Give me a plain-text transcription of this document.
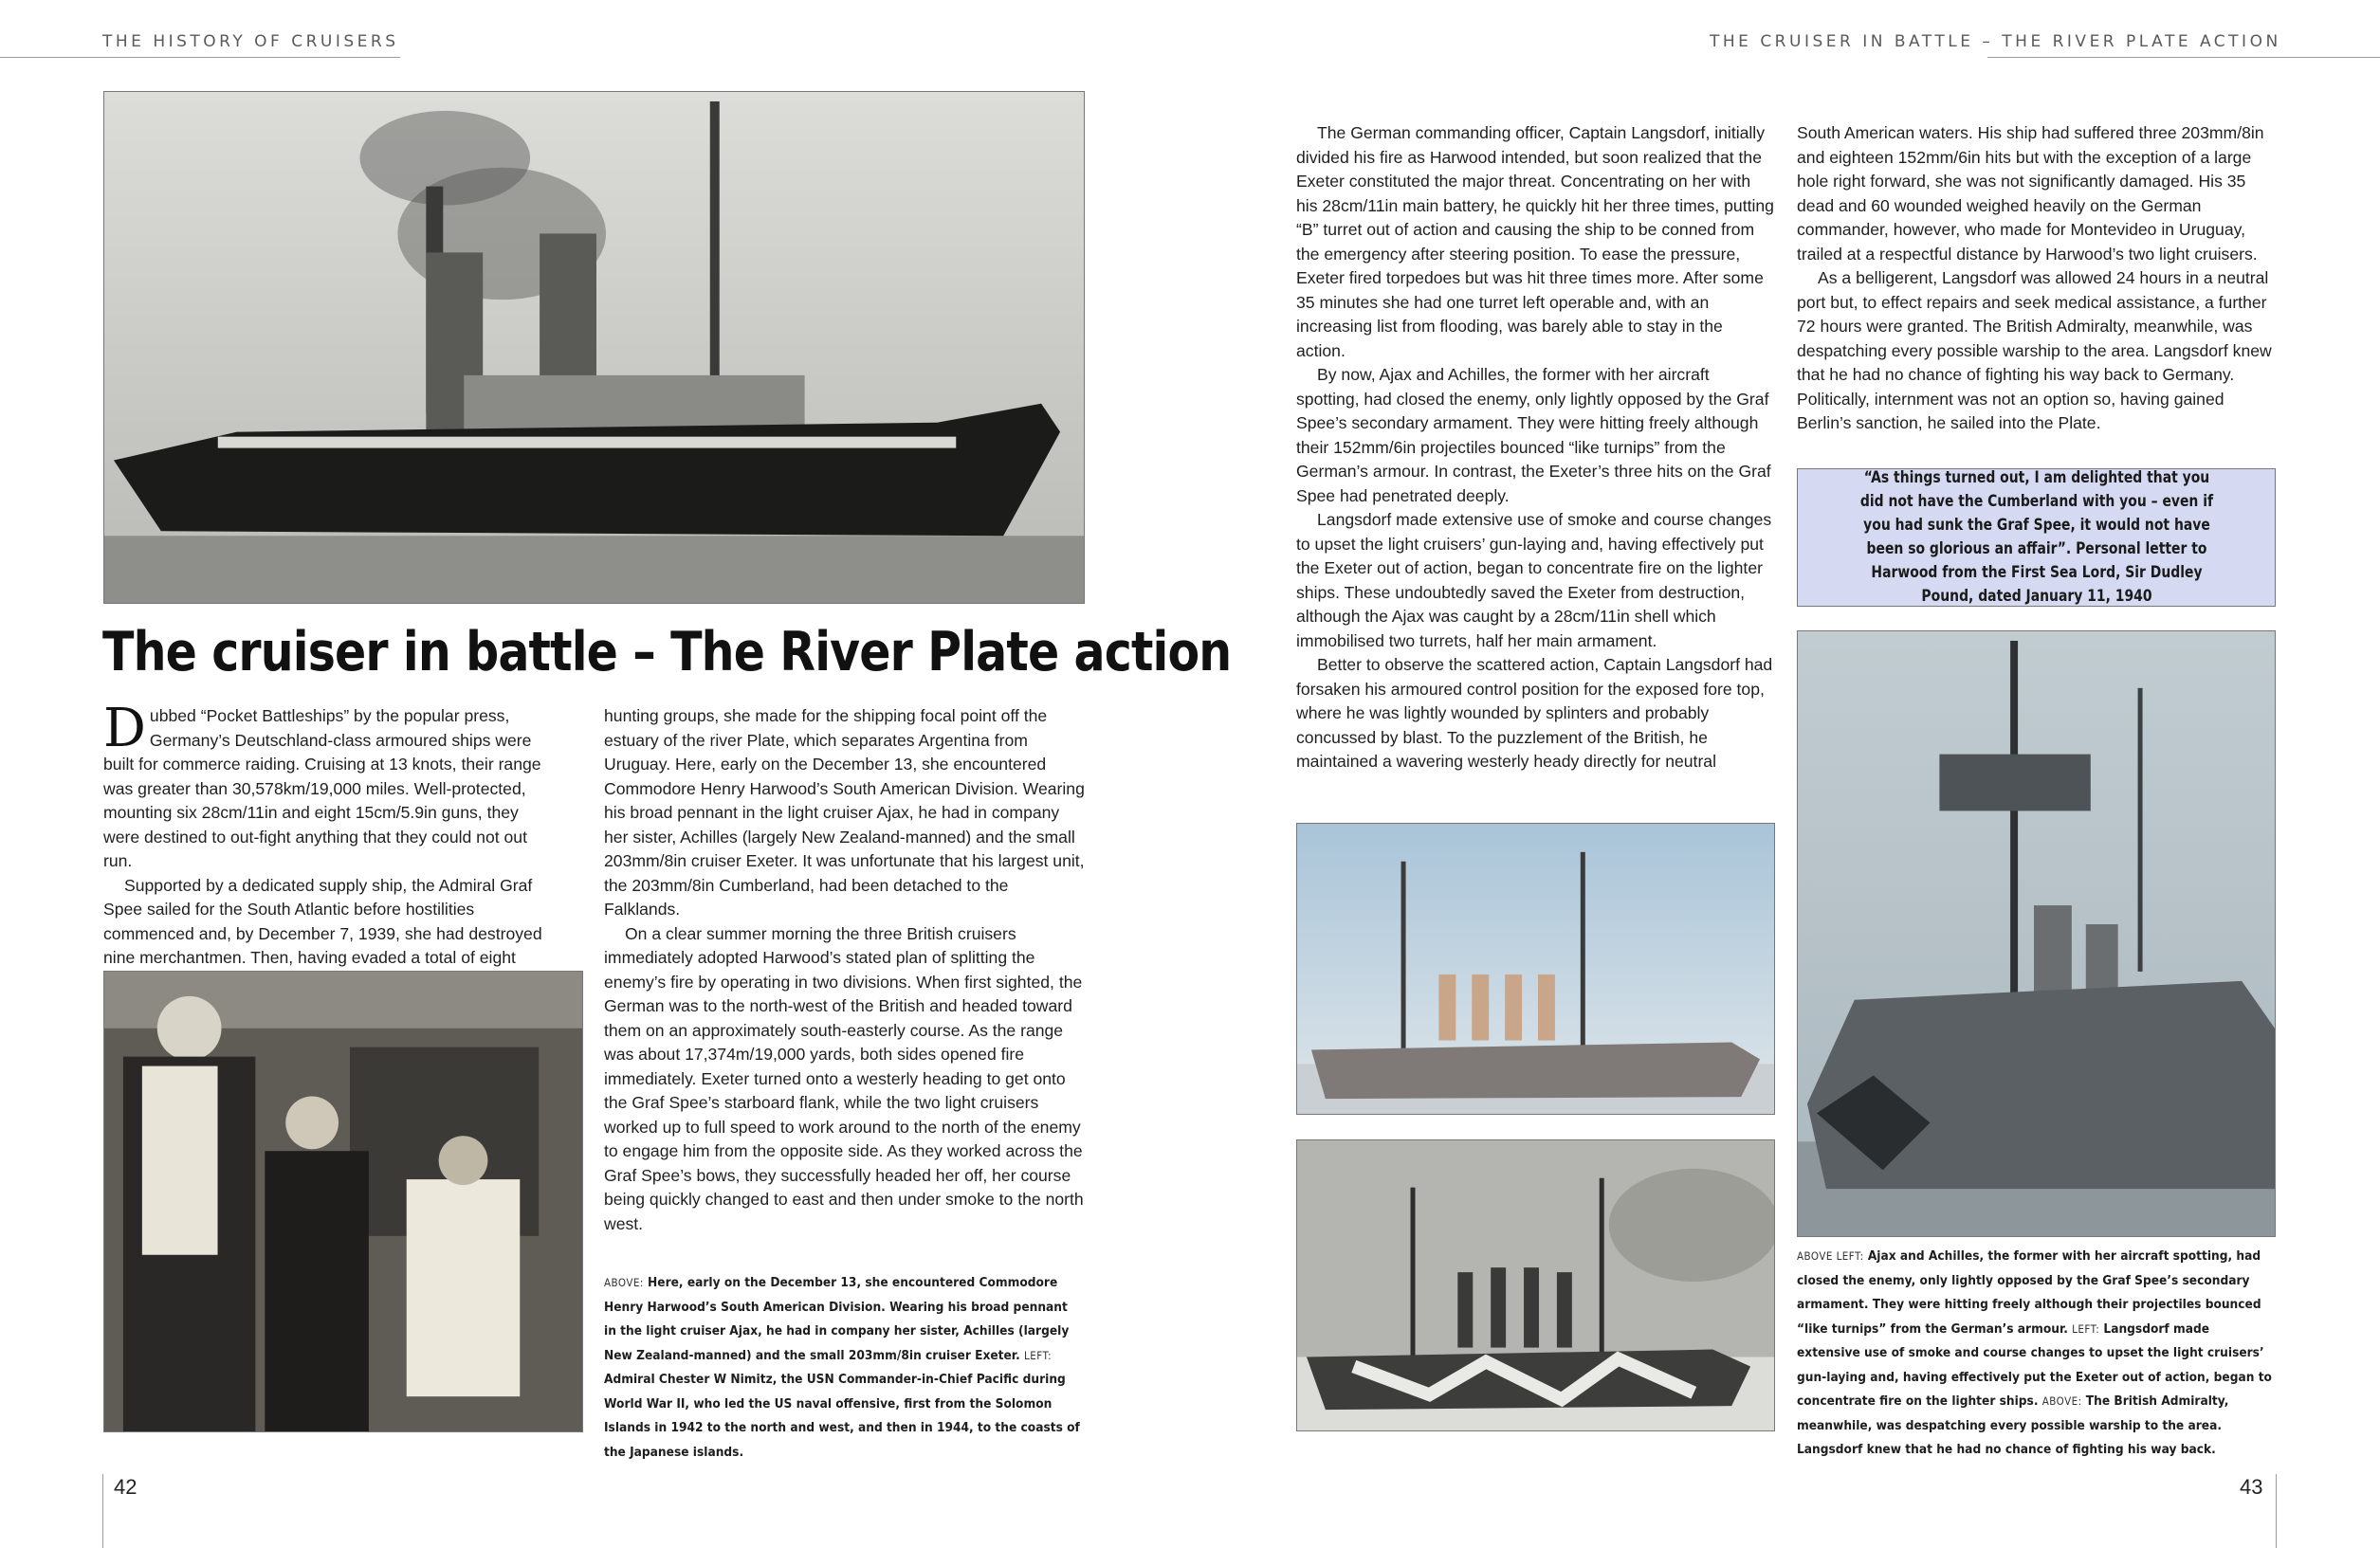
THE HISTORY OF CRUISERS	THE CRUISER IN BATTLE – THE RIVER PLATE ACTION
The cruiser in battle – The River Plate action

Dubbed “Pocket Battleships” by the popular press, Germany’s Deutschland-class armoured ships were built for commerce raiding. Cruising at 13 knots, their range was greater than 30,578km/19,000 miles. Well-protected, mounting six 28cm/11in and eight 15cm/5.9in guns, they were destined to out-fight anything that they could not out run.

Supported by a dedicated supply ship, the Admiral Graf Spee sailed for the South Atlantic before hostilities commenced and, by December 7, 1939, she had destroyed nine merchantmen. Then, having evaded a total of eight

hunting groups, she made for the shipping focal point off the estuary of the river Plate, which separates Argentina from Uruguay. Here, early on the December 13, she encountered Commodore Henry Harwood’s South American Division. Wearing his broad pennant in the light cruiser Ajax, he had in company her sister, Achilles (largely New Zealand-manned) and the small 203mm/8in cruiser Exeter. It was unfortunate that his largest unit, the 203mm/8in Cumberland, had been detached to the Falklands.

On a clear summer morning the three British cruisers immediately adopted Harwood’s stated plan of splitting the enemy’s fire by operating in two divisions. When first sighted, the German was to the north-west of the British and headed toward them on an approximately south-easterly course. As the range was about 17,374m/19,000 yards, both sides opened fire immediately. Exeter turned onto a westerly heading to get onto the Graf Spee’s starboard flank, while the two light cruisers worked up to full speed to work around to the north of the enemy to engage him from the opposite side. As they worked across the Graf Spee’s bows, they successfully headed her off, her course being quickly changed to east and then under smoke to the north west.

ABOVE: Here, early on the December 13, she encountered Commodore Henry Harwood’s South American Division. Wearing his broad pennant in the light cruiser Ajax, he had in company her sister, Achilles (largely New Zealand-manned) and the small 203mm/8in cruiser Exeter. LEFT: Admiral Chester W Nimitz, the USN Commander-in-Chief Pacific during World War II, who led the US naval offensive, first from the Solomon Islands in 1942 to the north and west, and then in 1944, to the coasts of the Japanese islands.
42	43

The German commanding officer, Captain Langsdorf, initially divided his fire as Harwood intended, but soon realized that the Exeter constituted the major threat. Concentrating on her with his 28cm/11in main battery, he quickly hit her three times, putting “B” turret out of action and causing the ship to be conned from the emergency after steering position. To ease the pressure, Exeter fired torpedoes but was hit three times more. After some 35 minutes she had one turret left operable and, with an increasing list from flooding, was barely able to stay in the action.

By now, Ajax and Achilles, the former with her aircraft spotting, had closed the enemy, only lightly opposed by the Graf Spee’s secondary armament. They were hitting freely although their 152mm/6in projectiles bounced “like turnips” from the German’s armour. In contrast, the Exeter’s three hits on the Graf Spee had penetrated deeply.

Langsdorf made extensive use of smoke and course changes to upset the light cruisers’ gun-laying and, having effectively put the Exeter out of action, began to concentrate fire on the lighter ships. These undoubtedly saved the Exeter from destruction, although the Ajax was caught by a 28cm/11in shell which immobilised two turrets, half her main armament.

Better to observe the scattered action, Captain Langsdorf had forsaken his armoured control position for the exposed fore top, where he was lightly wounded by splinters and probably concussed by blast. To the puzzlement of the British, he maintained a wavering westerly heady directly for neutral

South American waters. His ship had suffered three 203mm/8in and eighteen 152mm/6in hits but with the exception of a large hole right forward, she was not significantly damaged. His 35 dead and 60 wounded weighed heavily on the German commander, however, who made for Montevideo in Uruguay, trailed at a respectful distance by Harwood’s two light cruisers.

As a belligerent, Langsdorf was allowed 24 hours in a neutral port but, to effect repairs and seek medical assistance, a further 72 hours were granted. The British Admiralty, meanwhile, was despatching every possible warship to the area. Langsdorf knew that he had no chance of fighting his way back to Germany. Politically, internment was not an option so, having gained Berlin’s sanction, he sailed into the Plate.

“As things turned out, I am delighted that you did not have the Cumberland with you – even if you had sunk the Graf Spee, it would not have been so glorious an affair”. Personal letter to Harwood from the First Sea Lord, Sir Dudley Pound, dated January 11, 1940
ABOVE LEFT: Ajax and Achilles, the former with her aircraft spotting, had closed the enemy, only lightly opposed by the Graf Spee’s secondary armament. They were hitting freely although their projectiles bounced “like turnips” from the German’s armour. LEFT: Langsdorf made extensive use of smoke and course changes to upset the light cruisers’ gun-laying and, having effectively put the Exeter out of action, began to concentrate fire on the lighter ships. ABOVE: The British Admiralty, meanwhile, was despatching every possible warship to the area. Langsdorf knew that he had no chance of fighting his way back.
